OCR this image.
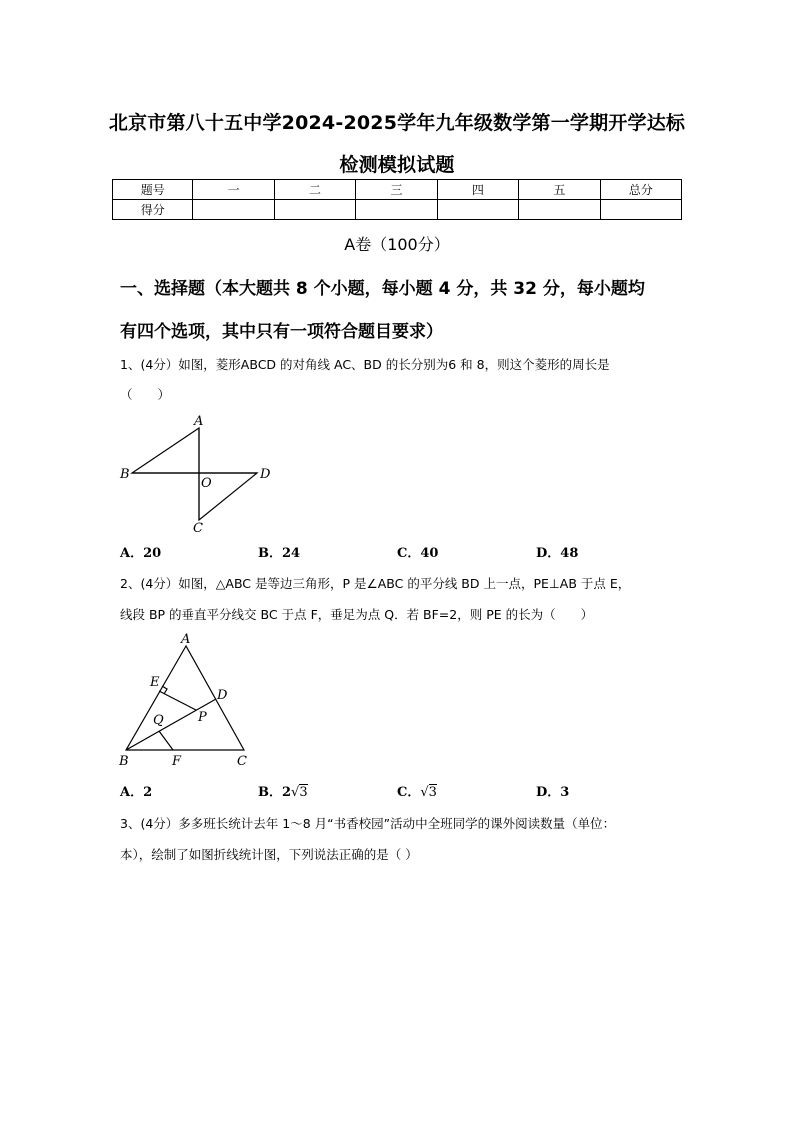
北京市第八十五中学2024-2025学年九年级数学第一学期开学达标
检测模拟试题
题号	一	二	三	四	五	总分
得分						
A卷（100分）
一、选择题（本大题共 8 个小题，每小题 4 分，共 32 分，每小题均
有四个选项，其中只有一项符合题目要求）
1、(4分）如图，菱形ABCD 的对角线 AC、BD 的长分别为6 和 8，则这个菱形的周长是
（　　）
A
B	D
C
O
A．20	B．24	C．40	D．48
2、(4分）如图，△ABC 是等边三角形，P 是∠ABC 的平分线 BD 上一点，PE⊥AB 于点 E，
线段 BP 的垂直平分线交 BC 于点 F，垂足为点 Q．若 BF=2，则 PE 的长为（　　）
A
E
D
Q	P
B	F	C
A．2	B．2√3	C．√3	D．3
3、(4分）多多班长统计去年 1～8 月“书香校园”活动中全班同学的课外阅读数量（单位：
本），绘制了如图折线统计图，下列说法正确的是（ ）
